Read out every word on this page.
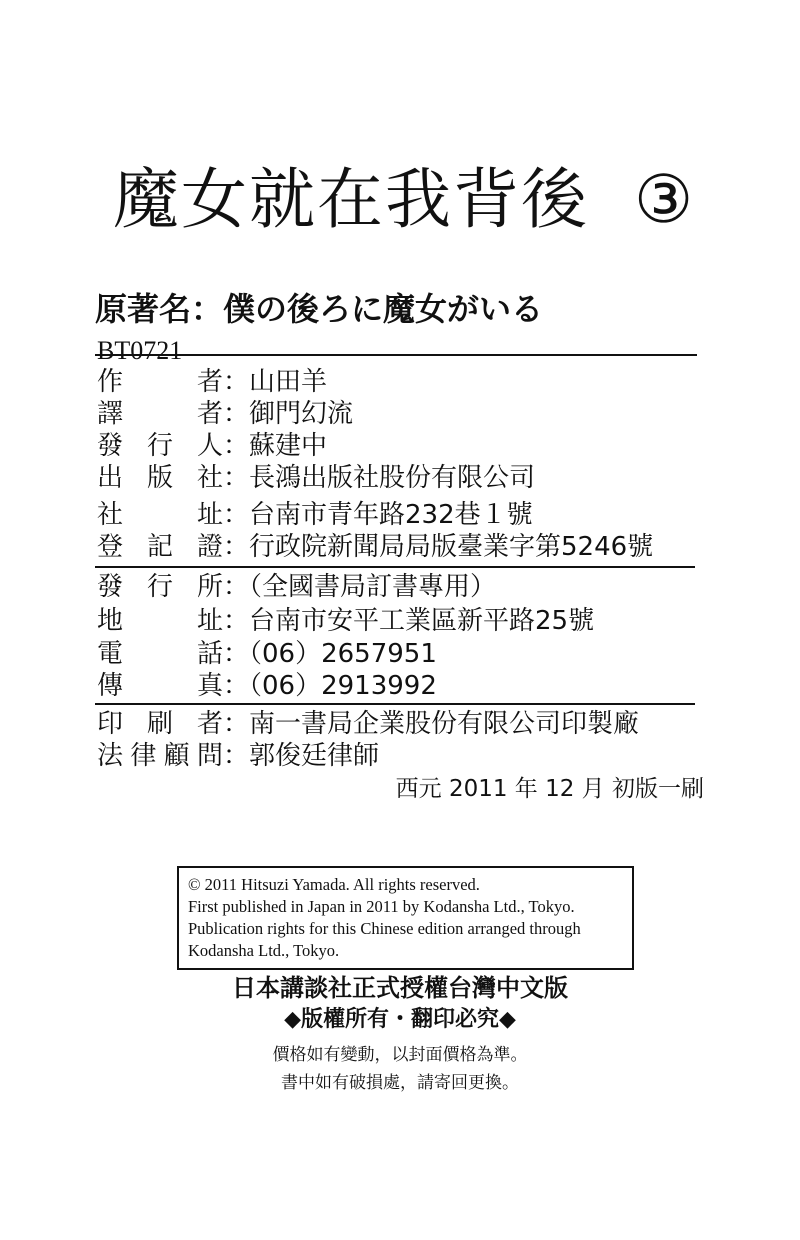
魔女就在我背後 ③
原著名：僕の後ろに魔女がいる
BT0721
作	者 ：山田羊
譯	者 ：御門幻流
發 行 人 ：蘇建中
出 版 社 ：長鴻出版社股份有限公司
社	址 ：台南市青年路232巷１號
登 記 證 ：行政院新聞局局版臺業字第5246號
發 行 所 ：（全國書局訂書專用）
地	址 ：台南市安平工業區新平路25號
電	話 ：（06）2657951
傳	真 ：（06）2913992
印 刷 者 ：南一書局企業股份有限公司印製廠
法 律 顧 問 ：郭俊廷律師
西元 2011 年 12 月 初版一刷
© 2011 Hitsuzi Yamada. All rights reserved.
First published in Japan in 2011 by Kodansha Ltd., Tokyo.
Publication rights for this Chinese edition arranged through
Kodansha Ltd., Tokyo.
日本講談社正式授權台灣中文版
◆版權所有・翻印必究◆
價格如有變動，以封面價格為準。
書中如有破損處，請寄回更換。
